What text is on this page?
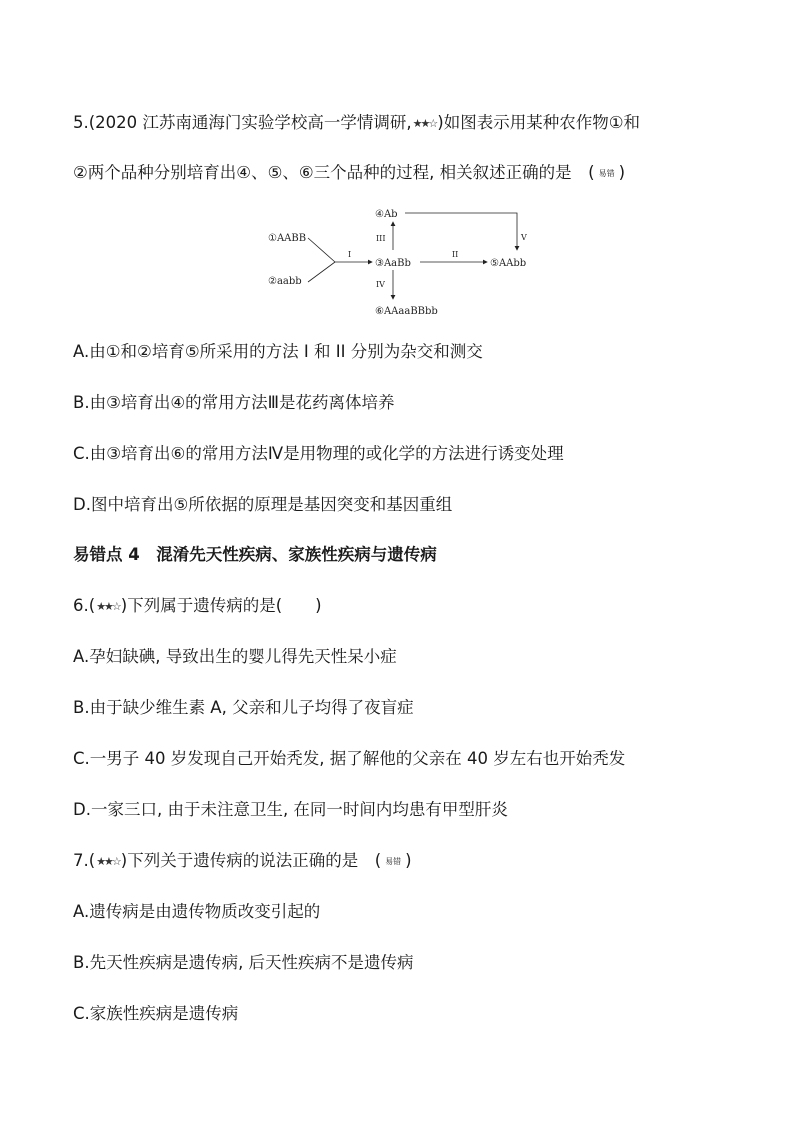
5.(2020 江苏南通海门实验学校高一学情调研,★★☆)如图表示用某种农作物①和
②两个品种分别培育出④、⑤、⑥三个品种的过程, 相关叙述正确的是　( 易错 )
①AABB
②aabb
③AaBb
④Ab
⑤AAbb
⑥AAaaBBbb
I
III
II
IV
V
A.由①和②培育⑤所采用的方法 I 和 II 分别为杂交和测交
B.由③培育出④的常用方法Ⅲ是花药离体培养
C.由③培育出⑥的常用方法Ⅳ是用物理的或化学的方法进行诱变处理
D.图中培育出⑤所依据的原理是基因突变和基因重组
易错点 4　混淆先天性疾病、家族性疾病与遗传病
6.(★★☆)下列属于遗传病的是(　　)
A.孕妇缺碘, 导致出生的婴儿得先天性呆小症
B.由于缺少维生素 A, 父亲和儿子均得了夜盲症
C.一男子 40 岁发现自己开始秃发, 据了解他的父亲在 40 岁左右也开始秃发
D.一家三口, 由于未注意卫生, 在同一时间内均患有甲型肝炎
7.(★★☆)下列关于遗传病的说法正确的是　( 易错 )
A.遗传病是由遗传物质改变引起的
B.先天性疾病是遗传病, 后天性疾病不是遗传病
C.家族性疾病是遗传病
